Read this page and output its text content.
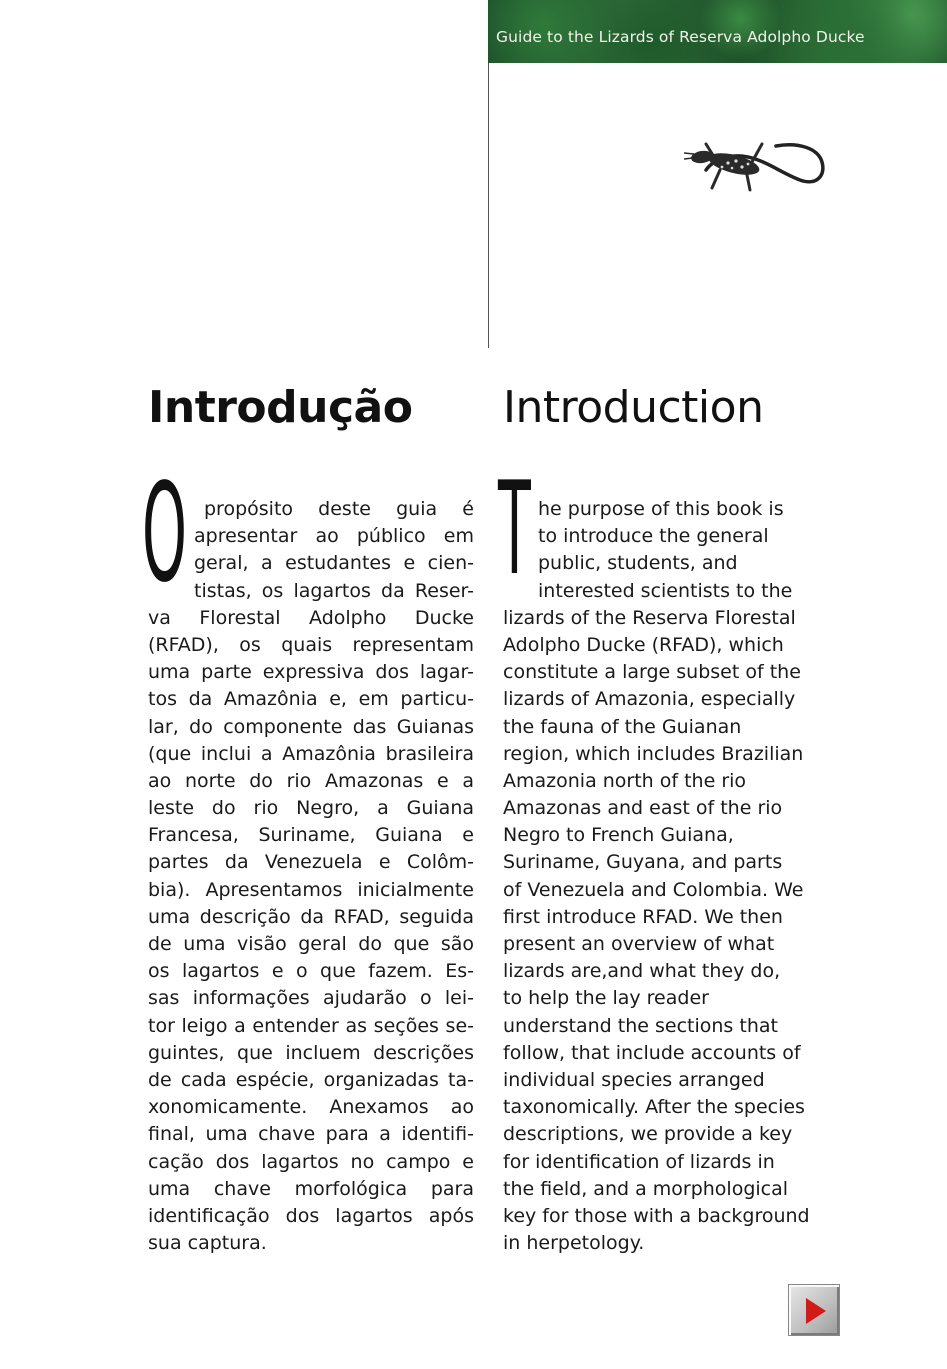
Guide to the Lizards of Reserva Adolpho Ducke
Introdução Introduction
O T
propósito deste guia é
apresentar ao público em
geral, a estudantes e cien-
tistas, os lagartos da Reser-
va Florestal Adolpho Ducke
(RFAD), os quais representam
uma parte expressiva dos lagar-
tos da Amazônia e, em particu-
lar, do componente das Guianas
(que inclui a Amazônia brasileira
ao norte do rio Amazonas e a
leste do rio Negro, a Guiana
Francesa, Suriname, Guiana e
partes da Venezuela e Colôm-
bia). Apresentamos inicialmente
uma descrição da RFAD, seguida
de uma visão geral do que são
os lagartos e o que fazem. Es-
sas informações ajudarão o lei-
tor leigo a entender as seções se-
guintes, que incluem descrições
de cada espécie, organizadas ta-
xonomicamente. Anexamos ao
final, uma chave para a identifi-
cação dos lagartos no campo e
uma chave morfológica para
identificação dos lagartos após
sua captura.
he purpose of this book is
to introduce the general
public, students, and
interested scientists to the
lizards of the Reserva Florestal
Adolpho Ducke (RFAD), which
constitute a large subset of the
lizards of Amazonia, especially
the fauna of the Guianan
region, which includes Brazilian
Amazonia north of the rio
Amazonas and east of the rio
Negro to French Guiana,
Suriname, Guyana, and parts
of Venezuela and Colombia. We
first introduce RFAD. We then
present an overview of what
lizards are,and what they do,
to help the lay reader
understand the sections that
follow, that include accounts of
individual species arranged
taxonomically. After the species
descriptions, we provide a key
for identification of lizards in
the field, and a morphological
key for those with a background
in herpetology.
